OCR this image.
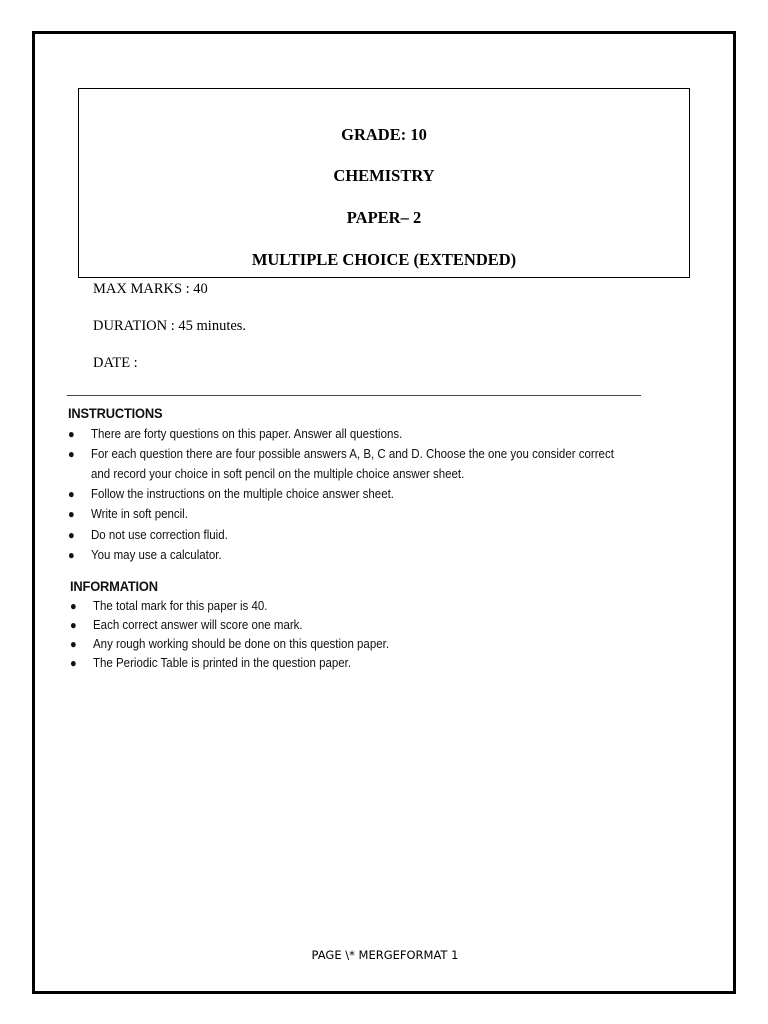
GRADE: 10
CHEMISTRY
PAPER– 2
MULTIPLE CHOICE (EXTENDED)
MAX MARKS : 40
DURATION : 45 minutes.
DATE :

INSTRUCTIONS

● There are forty questions on this paper. Answer all questions.
● For each question there are four possible answers A, B, C and D. Choose the one you consider correct
and record your choice in soft pencil on the multiple choice answer sheet.
● Follow the instructions on the multiple choice answer sheet.
● Write in soft pencil.
● Do not use correction fluid.
● You may use a calculator.

INFORMATION

● The total mark for this paper is 40.
● Each correct answer will score one mark.
● Any rough working should be done on this question paper.
● The Periodic Table is printed in the question paper.
PAGE \* MERGEFORMAT 1
